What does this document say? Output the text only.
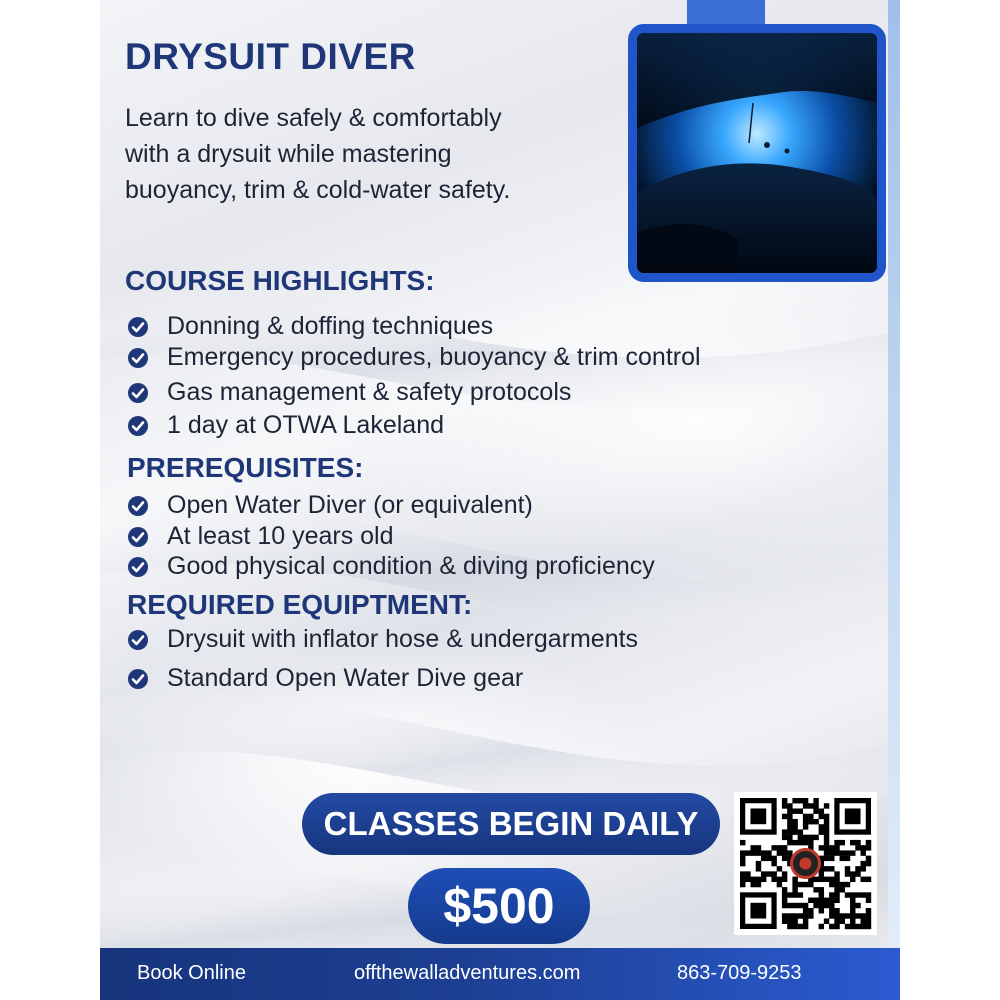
DRYSUIT DIVER

Learn to dive safely & comfortably
with a drysuit while mastering
buoyancy, trim & cold-water safety.

COURSE HIGHLIGHTS:
Donning & doffing techniques
Emergency procedures, buoyancy & trim control
Gas management & safety protocols
1 day at OTWA Lakeland
PREREQUISITES:
Open Water Diver (or equivalent)
At least 10 years old
Good physical condition & diving proficiency
REQUIRED EQUIPTMENT:
Drysuit with inflator hose & undergarments
Standard Open Water Dive gear
CLASSES BEGIN DAILY
$500
Book Online	offthewalladventures.com	863-709-9253
